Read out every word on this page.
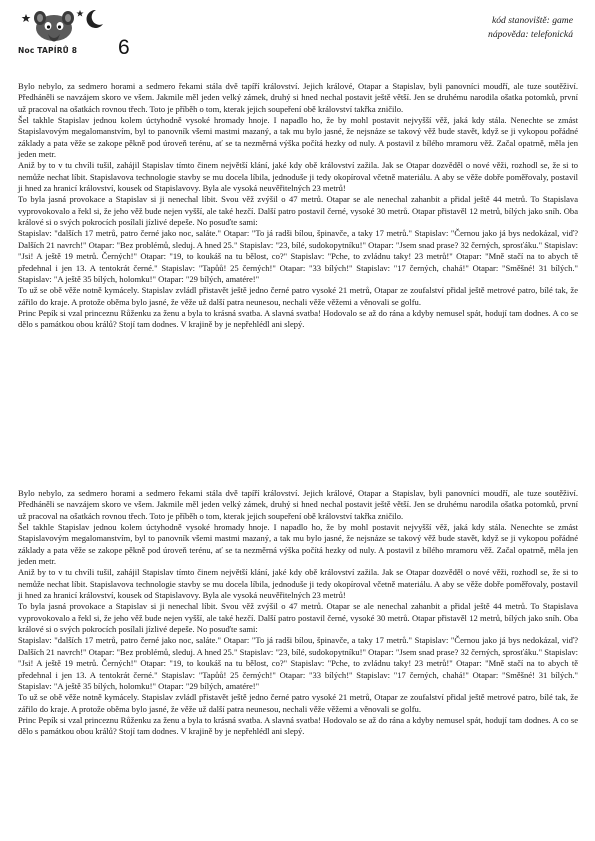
Noc TAPÍRŮ 8	6
kód stanoviště: game
nápověda: telefonická

Bylo nebylo, za sedmero horami a sedmero řekami stála dvě tapíří království. Jejich králové, Otapar a Stapislav, byli panovníci moudří, ale tuze soutěživí. Předháněli se navzájem skoro ve všem. Jakmile měl jeden velký zámek, druhý si hned nechal postavit ještě větší. Jen se druhému narodila ošatka potomků, první už pracoval na ošatkách rovnou třech. Toto je příběh o tom, kterak jejich soupeření obě království takřka zničilo.

Šel takhle Stapislav jednou kolem úctyhodně vysoké hromady hnoje. I napadlo ho, že by mohl postavit nejvyšší věž, jaká kdy stála. Nenechte se zmást Stapislavovým megalomanstvím, byl to panovník všemi mastmi mazaný, a tak mu bylo jasné, že nejsnáze se takový věž bude stavět, když se ji vykopou pořádné základy a pata věže se zakope pěkně pod úroveň terénu, ať se ta nezměrná výška počítá hezky od nuly. A postavil z bílého mramoru věž. Začal opatrně, měla jen jeden metr.

Aniž by to v tu chvíli tušil, zahájil Stapislav tímto činem největší klání, jaké kdy obě království zažila. Jak se Otapar dozvěděl o nové věži, rozhodl se, že si to nemůže nechat líbit. Stapislavova technologie stavby se mu docela líbila, jednoduše ji tedy okopíroval včetně materiálu. A aby se věže dobře poměřovaly, postavil ji hned za hranicí království, kousek od Stapislavovy. Byla ale vysoká neuvěřitelných 23 metrů!

To byla jasná provokace a Stapislav si ji nenechal líbit. Svou věž zvýšil o 47 metrů. Otapar se ale nenechal zahanbit a přidal ještě 44 metrů. To Stapislava vyprovokovalo a řekl si, že jeho věž bude nejen vyšší, ale také hezčí. Další patro postavil černé, vysoké 30 metrů. Otapar přistavěl 12 metrů, bílých jako sníh. Oba králové si o svých pokrocích posílali jízlivé depeše. No posuďte sami:

Stapislav: "dalších 17 metrů, patro černé jako noc, saláte." Otapar: "To já radši bílou, špinavče, a taky 17 metrů." Stapislav: "Černou jako já bys nedokázal, viď? Dalších 21 navrch!" Otapar: "Bez problémů, sleduj. A hned 25." Stapislav: "23, bílé, sudokopytníku!" Otapar: "Jsem snad prase? 32 černých, sprosťáku." Stapislav: "Jsi! A ještě 19 metrů. Černých!" Otapar: "19, to koukáš na tu bělost, co?" Stapislav: "Pche, to zvládnu taky! 23 metrů!" Otapar: "Mně stačí na to abych tě předehnal i jen 13. A tentokrát černé." Stapislav: "Tapůů! 25 černých!" Otapar: "33 bílých!" Stapislav: "17 černých, chahá!" Otapar: "Směšné! 31 bílých." Stapislav: "A ještě 35 bílých, holomku!" Otapar: "29 bílých, amatére!"

To už se obě věže notně kymácely. Stapislav zvládl přistavět ještě jedno černé patro vysoké 21 metrů, Otapar ze zoufalství přidal ještě metrové patro, bílé tak, že zářilo do kraje. A protože oběma bylo jasné, že věže už další patra neunesou, nechali věže věžemi a věnovali se golfu.

Princ Pepík si vzal princeznu Růženku za ženu a byla to krásná svatba. A slavná svatba! Hodovalo se až do rána a kdyby nemusel spát, hodují tam dodnes. A co se dělo s památkou obou králů? Stojí tam dodnes. V krajině by je nepřehlédl ani slepý.

Bylo nebylo, za sedmero horami a sedmero řekami stála dvě tapíří království. Jejich králové, Otapar a Stapislav, byli panovníci moudří, ale tuze soutěživí. Předháněli se navzájem skoro ve všem. Jakmile měl jeden velký zámek, druhý si hned nechal postavit ještě větší. Jen se druhému narodila ošatka potomků, první už pracoval na ošatkách rovnou třech. Toto je příběh o tom, kterak jejich soupeření obě království takřka zničilo.

Šel takhle Stapislav jednou kolem úctyhodně vysoké hromady hnoje. I napadlo ho, že by mohl postavit nejvyšší věž, jaká kdy stála. Nenechte se zmást Stapislavovým megalomanstvím, byl to panovník všemi mastmi mazaný, a tak mu bylo jasné, že nejsnáze se takový věž bude stavět, když se ji vykopou pořádné základy a pata věže se zakope pěkně pod úroveň terénu, ať se ta nezměrná výška počítá hezky od nuly. A postavil z bílého mramoru věž. Začal opatrně, měla jen jeden metr.

Aniž by to v tu chvíli tušil, zahájil Stapislav tímto činem největší klání, jaké kdy obě království zažila. Jak se Otapar dozvěděl o nové věži, rozhodl se, že si to nemůže nechat líbit. Stapislavova technologie stavby se mu docela líbila, jednoduše ji tedy okopíroval včetně materiálu. A aby se věže dobře poměřovaly, postavil ji hned za hranicí království, kousek od Stapislavovy. Byla ale vysoká neuvěřitelných 23 metrů!

To byla jasná provokace a Stapislav si ji nenechal líbit. Svou věž zvýšil o 47 metrů. Otapar se ale nenechal zahanbit a přidal ještě 44 metrů. To Stapislava vyprovokovalo a řekl si, že jeho věž bude nejen vyšší, ale také hezčí. Další patro postavil černé, vysoké 30 metrů. Otapar přistavěl 12 metrů, bílých jako sníh. Oba králové si o svých pokrocích posílali jízlivé depeše. No posuďte sami:

Stapislav: "dalších 17 metrů, patro černé jako noc, saláte." Otapar: "To já radši bílou, špinavče, a taky 17 metrů." Stapislav: "Černou jako já bys nedokázal, viď? Dalších 21 navrch!" Otapar: "Bez problémů, sleduj. A hned 25." Stapislav: "23, bílé, sudokopytníku!" Otapar: "Jsem snad prase? 32 černých, sprosťáku." Stapislav: "Jsi! A ještě 19 metrů. Černých!" Otapar: "19, to koukáš na tu bělost, co?" Stapislav: "Pche, to zvládnu taky! 23 metrů!" Otapar: "Mně stačí na to abych tě předehnal i jen 13. A tentokrát černé." Stapislav: "Tapůů! 25 černých!" Otapar: "33 bílých!" Stapislav: "17 černých, chahá!" Otapar: "Směšné! 31 bílých." Stapislav: "A ještě 35 bílých, holomku!" Otapar: "29 bílých, amatére!"

To už se obě věže notně kymácely. Stapislav zvládl přistavět ještě jedno černé patro vysoké 21 metrů, Otapar ze zoufalství přidal ještě metrové patro, bílé tak, že zářilo do kraje. A protože oběma bylo jasné, že věže už další patra neunesou, nechali věže věžemi a věnovali se golfu.

Princ Pepík si vzal princeznu Růženku za ženu a byla to krásná svatba. A slavná svatba! Hodovalo se až do rána a kdyby nemusel spát, hodují tam dodnes. A co se dělo s památkou obou králů? Stojí tam dodnes. V krajině by je nepřehlédl ani slepý.
